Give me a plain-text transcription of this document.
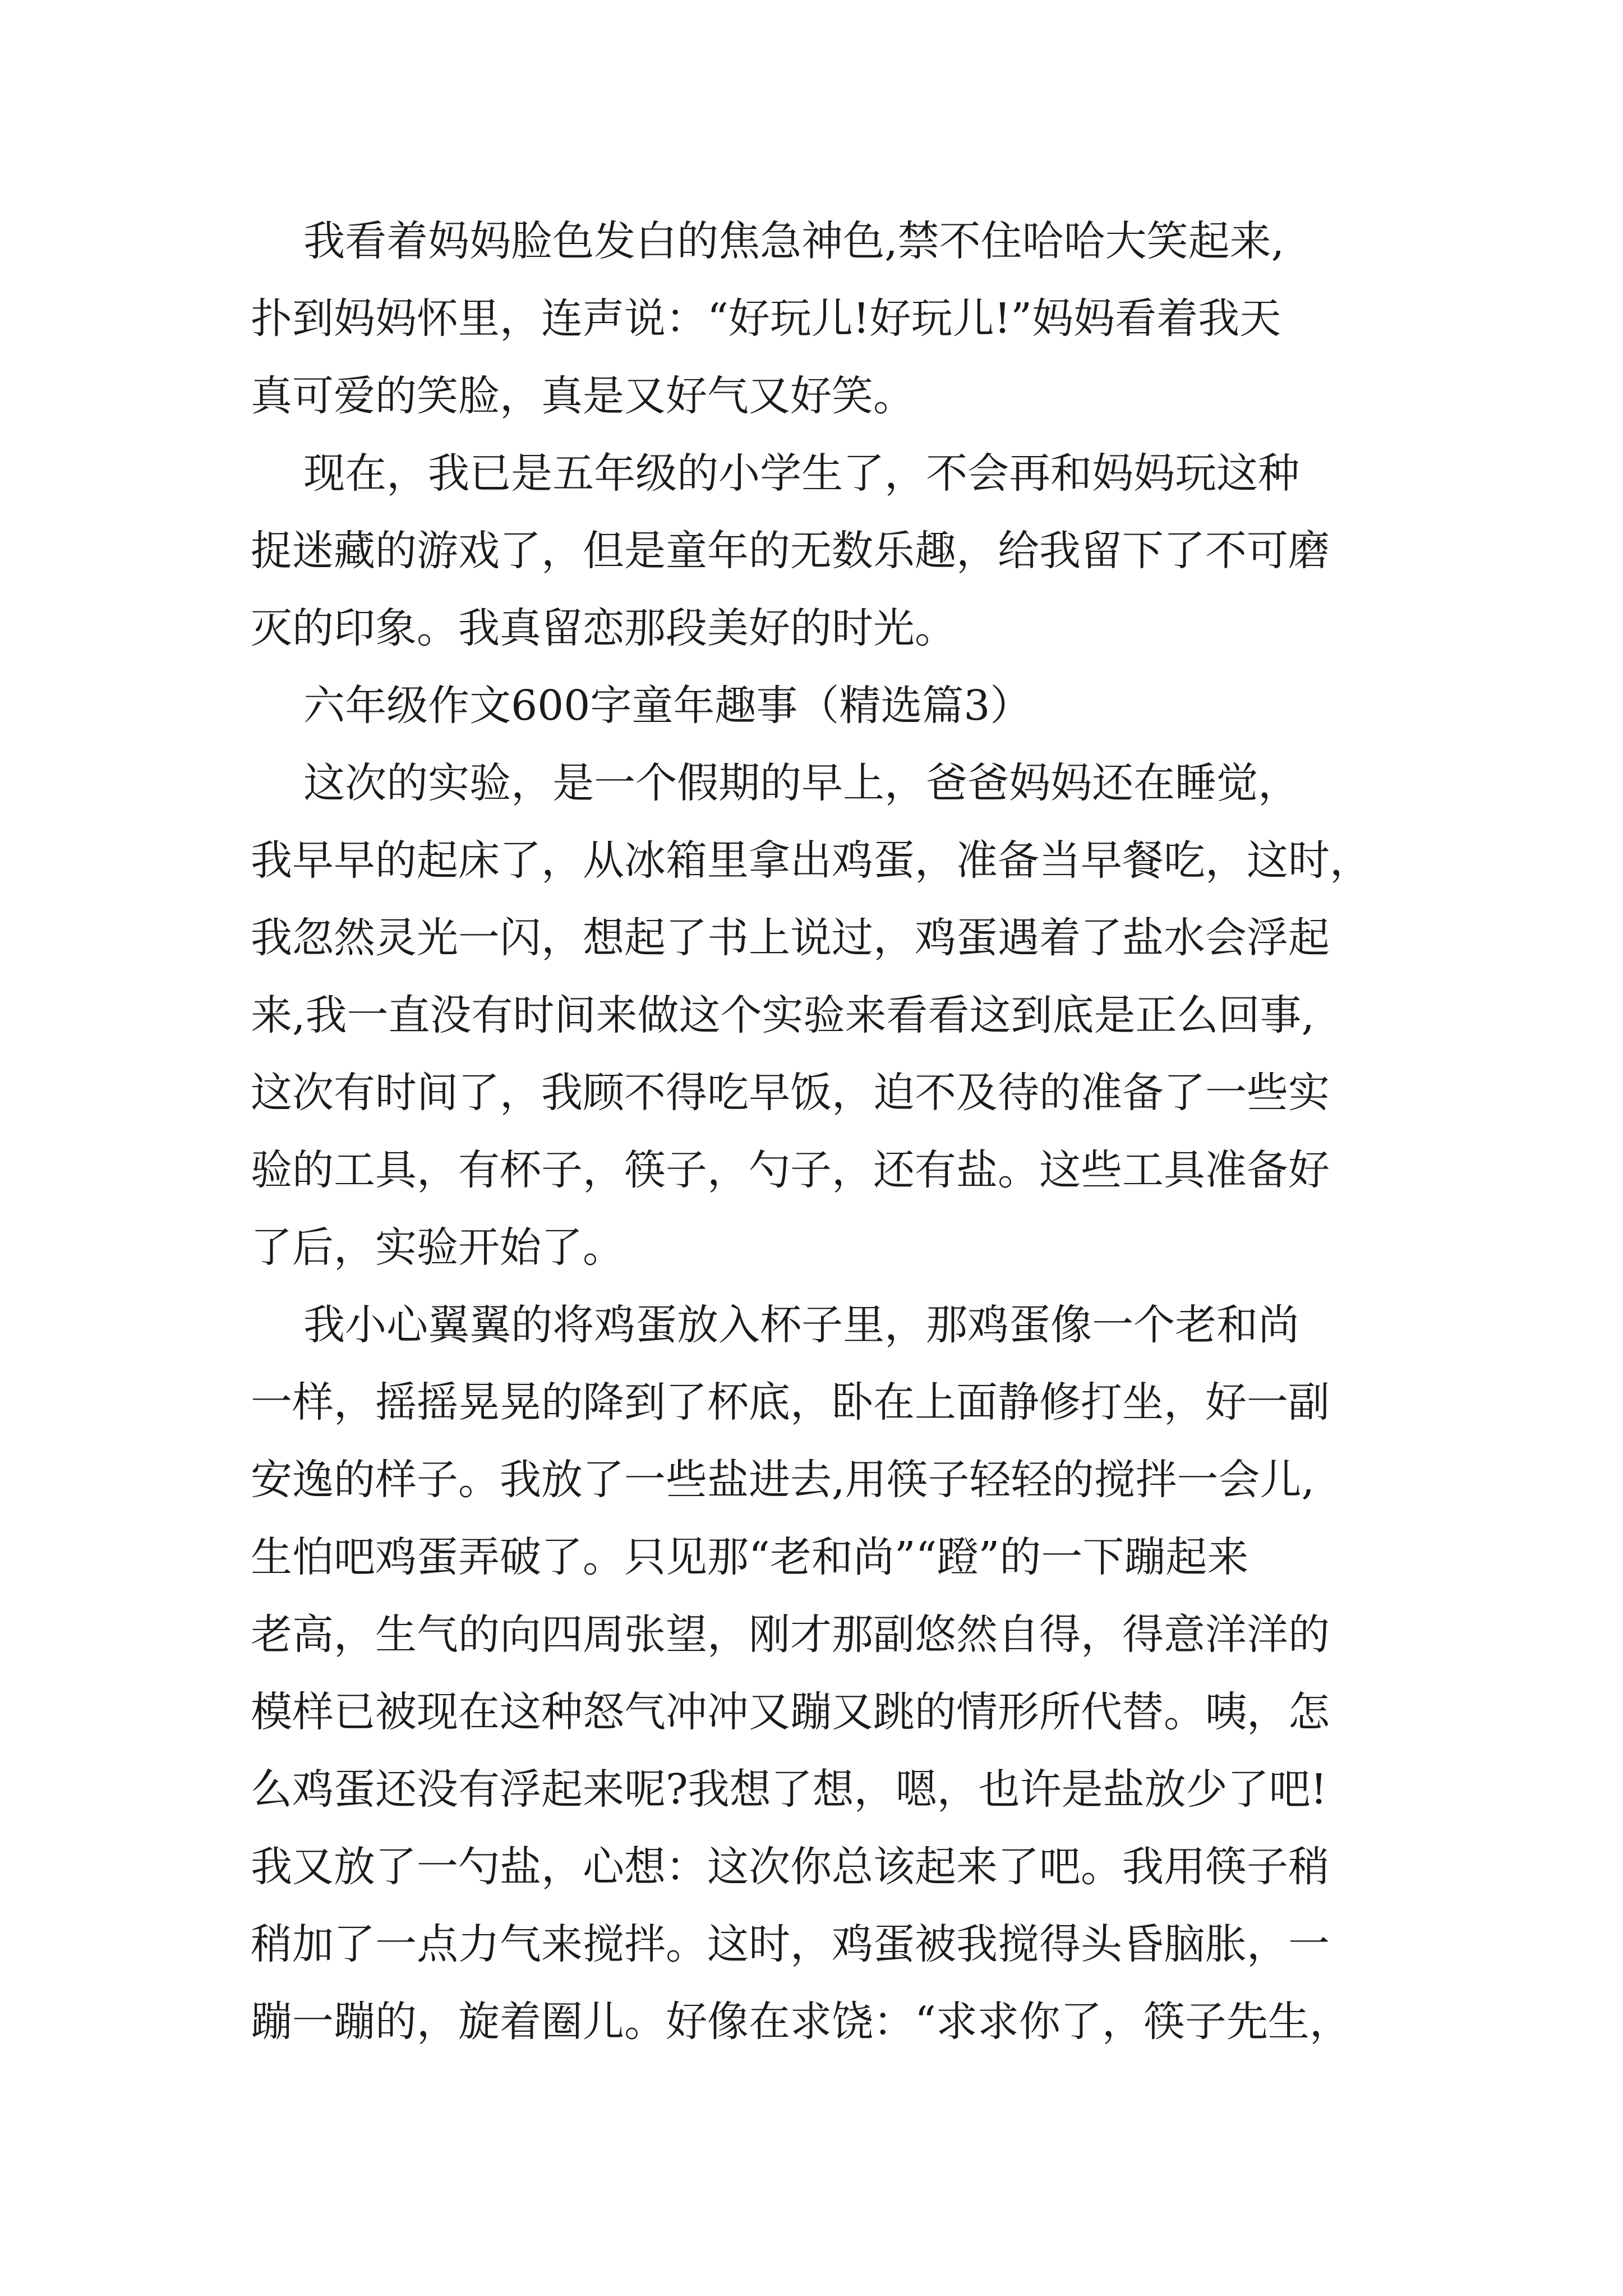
我看着妈妈脸色发白的焦急神色,禁不住哈哈大笑起来,

扑到妈妈怀里，连声说：“好玩儿!好玩儿!”妈妈看着我天

真可爱的笑脸，真是又好气又好笑。

现在，我已是五年级的小学生了，不会再和妈妈玩这种

捉迷藏的游戏了，但是童年的无数乐趣，给我留下了不可磨

灭的印象。我真留恋那段美好的时光。

六年级作文600字童年趣事（精选篇3）

这次的实验，是一个假期的早上，爸爸妈妈还在睡觉，

我早早的起床了，从冰箱里拿出鸡蛋，准备当早餐吃，这时，

我忽然灵光一闪，想起了书上说过，鸡蛋遇着了盐水会浮起

来,我一直没有时间来做这个实验来看看这到底是正么回事,

这次有时间了，我顾不得吃早饭，迫不及待的准备了一些实

验的工具，有杯子，筷子，勺子，还有盐。这些工具准备好

了后，实验开始了。

我小心翼翼的将鸡蛋放入杯子里，那鸡蛋像一个老和尚

一样，摇摇晃晃的降到了杯底，卧在上面静修打坐，好一副

安逸的样子。我放了一些盐进去,用筷子轻轻的搅拌一会儿,

生怕吧鸡蛋弄破了。只见那“老和尚”“蹬”的一下蹦起来

老高，生气的向四周张望，刚才那副悠然自得，得意洋洋的

模样已被现在这种怒气冲冲又蹦又跳的情形所代替。咦，怎

么鸡蛋还没有浮起来呢?我想了想，嗯，也许是盐放少了吧!

我又放了一勺盐，心想：这次你总该起来了吧。我用筷子稍

稍加了一点力气来搅拌。这时，鸡蛋被我搅得头昏脑胀，一

蹦一蹦的，旋着圈儿。好像在求饶：“求求你了，筷子先生，
